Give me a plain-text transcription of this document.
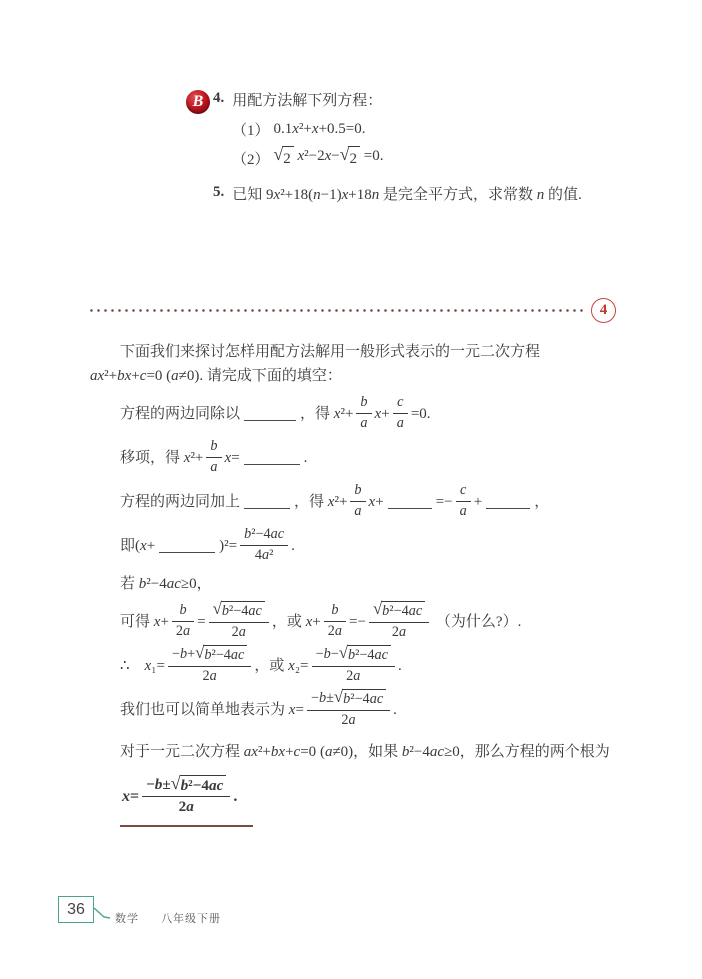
B 4. 用配方法解下列方程：
（1） 0.1x²+x+0.5=0.
（2） √ 2 x²−2x− √ 2 =0.
5. 已知 9x²+18(n−1)x+18n 是完全平方式，求常数 n 的值.
4

下面我们来探讨怎样用配方法解用一般形式表示的一元二次方程ax²+bx+c=0 (a≠0). 请完成下面的填空：

方程的两边同除以	，得 $x^2+ \frac{b}{a} x+ \frac{c}{a} =0$.
移项，得 $x^2+ \frac{b}{a} x=$	.
方程的两边同加上	，得 $x^2+ \frac{b}{a} x+$	=− $\frac{c}{a}$ +	，
即 (x+	)$^2= \frac{\text{b²−4ac}}{\text{4a²}}$ .
若 b²−4ac≥0 ，
可得 $x+ \frac{b}{2a} = \frac{\text{√ b²−4ac}}{2a}$ ，或 $x+ \frac{b}{2a} =- \frac{\text{√ b²−4ac}}{2a}$ （为什么?）.
∴　$x_1= \frac{\text{−b+ √ b²−4ac}}{2a}$ ，或 $x_2= \frac{\text{−b− √ b²−4ac}}{2a}$ .
我们也可以简单地表示为 $x= \frac{\text{−b± √ b²−4ac}}{2a}$ .

对于一元二次方程 ax²+bx+c=0 (a≠0)，如果 b²−4ac≥0，那么方程的两个根为

$x= \frac{\text{−b± √ b²−4ac}}{2a}$ .
36
数学 八年级下册
